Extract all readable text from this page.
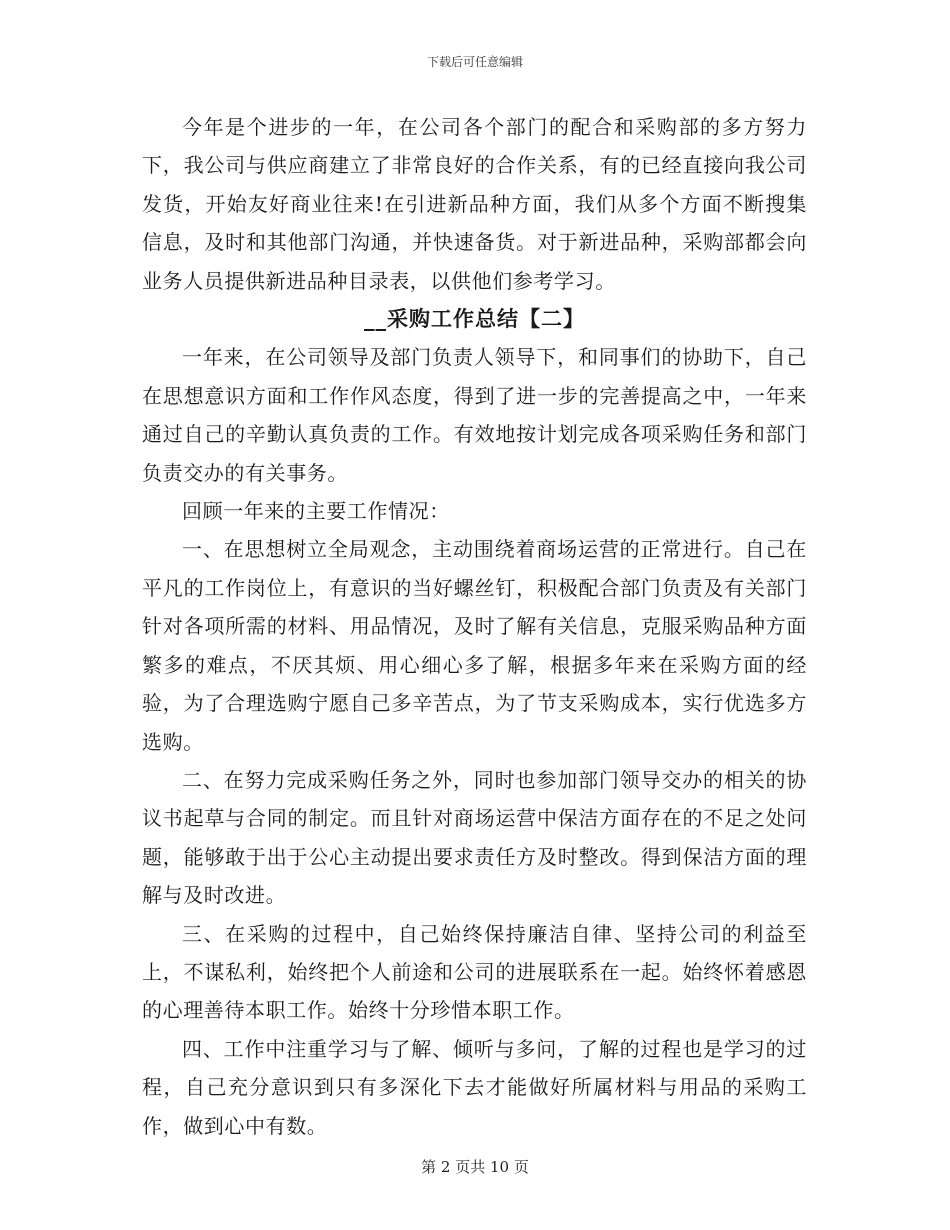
下载后可任意编辑

今年是个进步的一年，在公司各个部门的配合和采购部的多方努力下，我公司与供应商建立了非常良好的合作关系，有的已经直接向我公司发货，开始友好商业往来!在引进新品种方面，我们从多个方面不断搜集信息，及时和其他部门沟通，并快速备货。对于新进品种，采购部都会向业务人员提供新进品种目录表，以供他们参考学习。

__采购工作总结【二】

一年来，在公司领导及部门负责人领导下，和同事们的协助下，自己在思想意识方面和工作作风态度，得到了进一步的完善提高之中，一年来通过自己的辛勤认真负责的工作。有效地按计划完成各项采购任务和部门负责交办的有关事务。

回顾一年来的主要工作情况：

一、在思想树立全局观念，主动围绕着商场运营的正常进行。自己在平凡的工作岗位上，有意识的当好螺丝钉，积极配合部门负责及有关部门针对各项所需的材料、用品情况，及时了解有关信息，克服采购品种方面繁多的难点，不厌其烦、用心细心多了解，根据多年来在采购方面的经验，为了合理选购宁愿自己多辛苦点，为了节支采购成本，实行优选多方选购。

二、在努力完成采购任务之外，同时也参加部门领导交办的相关的协议书起草与合同的制定。而且针对商场运营中保洁方面存在的不足之处问题，能够敢于出于公心主动提出要求责任方及时整改。得到保洁方面的理解与及时改进。

三、在采购的过程中，自己始终保持廉洁自律、坚持公司的利益至上，不谋私利，始终把个人前途和公司的进展联系在一起。始终怀着感恩的心理善待本职工作。始终十分珍惜本职工作。

四、工作中注重学习与了解、倾听与多问，了解的过程也是学习的过程，自己充分意识到只有多深化下去才能做好所属材料与用品的采购工作，做到心中有数。

第 2 页共 10 页
